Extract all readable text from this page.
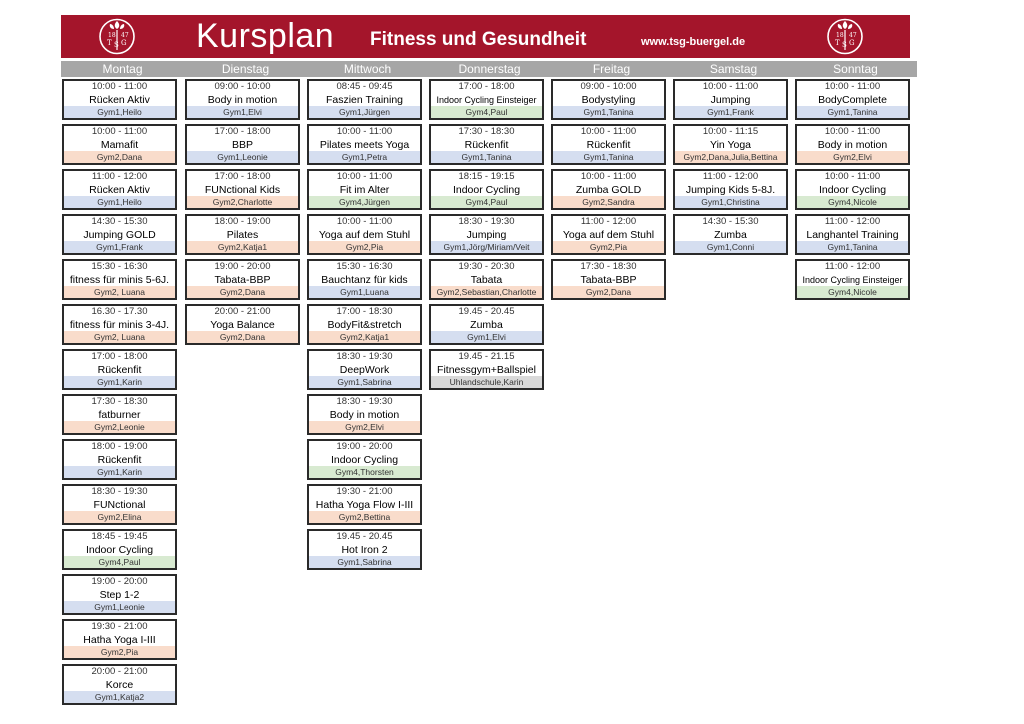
18 47
T S G Kursplan Fitness und Gesundheit	www.tsg-buergel.de
18 47
T S G
Montag
10:00 - 11:00
Rücken Aktiv
Gym1,Heilo
10:00 - 11:00
Mamafit
Gym2,Dana
11:00 - 12:00
Rücken Aktiv
Gym1,Heilo
14:30 - 15:30
Jumping GOLD
Gym1,Frank
15:30 - 16:30
fitness für minis 5-6J.
Gym2, Luana
16.30 - 17.30
fitness für minis 3-4J.
Gym2, Luana
17:00 - 18:00
Rückenfit
Gym1,Karin
17:30 - 18:30
fatburner
Gym2,Leonie
18:00 - 19:00
Rückenfit
Gym1,Karin
18:30 - 19:30
FUNctional
Gym2,Elina
18:45 - 19:45
Indoor Cycling
Gym4,Paul
19:00 - 20:00
Step 1-2
Gym1,Leonie
19:30 - 21:00
Hatha Yoga I-III
Gym2,Pia
20:00 - 21:00
Korce
Gym1,Katja2
Dienstag
09:00 - 10:00
Body in motion
Gym1,Elvi
17:00 - 18:00
BBP
Gym1,Leonie
17:00 - 18:00
FUNctional Kids
Gym2,Charlotte
18:00 - 19:00
Pilates
Gym2,Katja1
19:00 - 20:00
Tabata-BBP
Gym2,Dana
20:00 - 21:00
Yoga Balance
Gym2,Dana
Mittwoch
08:45 - 09:45
Faszien Training
Gym1,Jürgen
10:00 - 11:00
Pilates meets Yoga
Gym1,Petra
10:00 - 11:00
Fit im Alter
Gym4,Jürgen
10:00 - 11:00
Yoga auf dem Stuhl
Gym2,Pia
15:30 - 16:30
Bauchtanz für kids
Gym1,Luana
17:00 - 18:30
BodyFit&stretch
Gym2,Katja1
18:30 - 19:30
DeepWork
Gym1,Sabrina
18:30 - 19:30
Body in motion
Gym2,Elvi
19:00 - 20:00
Indoor Cycling
Gym4,Thorsten
19:30 - 21:00
Hatha Yoga Flow I-III
Gym2,Bettina
19.45 - 20.45
Hot Iron 2
Gym1,Sabrina
Donnerstag
17:00 - 18:00
Indoor Cycling Einsteiger
Gym4,Paul
17:30 - 18:30
Rückenfit
Gym1,Tanina
18:15 - 19:15
Indoor Cycling
Gym4,Paul
18:30 - 19:30
Jumping
Gym1,Jörg/Miriam/Veit
19:30 - 20:30
Tabata
Gym2,Sebastian,Charlotte
19.45 - 20.45
Zumba
Gym1,Elvi
19.45 - 21.15
Fitnessgym+Ballspiel
Uhlandschule,Karin
Freitag
09:00 - 10:00
Bodystyling
Gym1,Tanina
10:00 - 11:00
Rückenfit
Gym1,Tanina
10:00 - 11:00
Zumba GOLD
Gym2,Sandra
11:00 - 12:00
Yoga auf dem Stuhl
Gym2,Pia
17:30 - 18:30
Tabata-BBP
Gym2,Dana
Samstag
10:00 - 11:00
Jumping
Gym1,Frank
10:00 - 11:15
Yin Yoga
Gym2,Dana,Julia,Bettina
11:00 - 12:00
Jumping Kids 5-8J.
Gym1,Christina
14:30 - 15:30
Zumba
Gym1,Conni
Sonntag
10:00 - 11:00
BodyComplete
Gym1,Tanina
10:00 - 11:00
Body in motion
Gym2,Elvi
10:00 - 11:00
Indoor Cycling
Gym4,Nicole
11:00 - 12:00
Langhantel Training
Gym1,Tanina
11:00 - 12:00
Indoor Cycling Einsteiger
Gym4,Nicole
